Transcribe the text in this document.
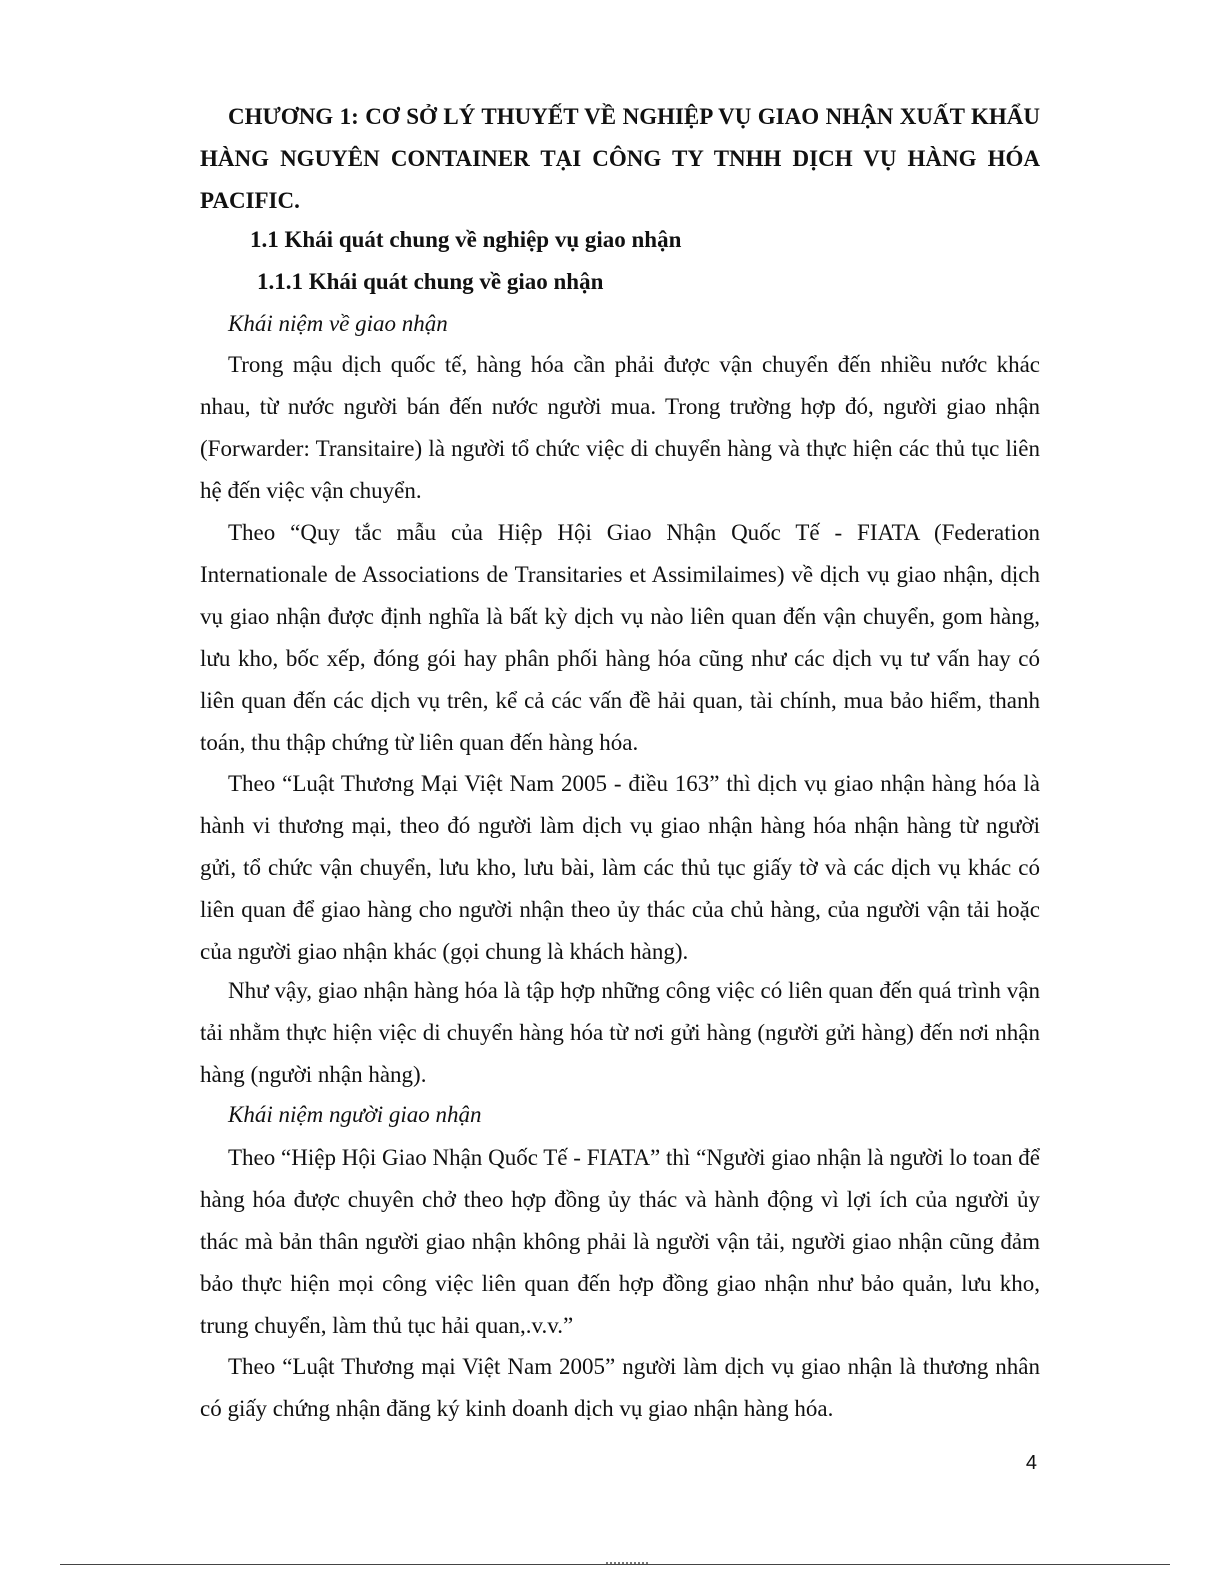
CHƯƠNG 1: CƠ SỞ LÝ THUYẾT VỀ NGHIỆP VỤ GIAO NHẬN XUẤT KHẨU HÀNG NGUYÊN CONTAINER TẠI CÔNG TY TNHH DỊCH VỤ HÀNG HÓA PACIFIC.

1.1 Khái quát chung về nghiệp vụ giao nhận

1.1.1 Khái quát chung về giao nhận

Khái niệm về giao nhận

Trong mậu dịch quốc tế, hàng hóa cần phải được vận chuyển đến nhiều nước khác nhau, từ nước người bán đến nước người mua. Trong trường hợp đó, người giao nhận (Forwarder: Transitaire) là người tổ chức việc di chuyển hàng và thực hiện các thủ tục liên hệ đến việc vận chuyển.

Theo “Quy tắc mẫu của Hiệp Hội Giao Nhận Quốc Tế - FIATA (Federation Internationale de Associations de Transitaries et Assimilaimes) về dịch vụ giao nhận, dịch vụ giao nhận được định nghĩa là bất kỳ dịch vụ nào liên quan đến vận chuyển, gom hàng, lưu kho, bốc xếp, đóng gói hay phân phối hàng hóa cũng như các dịch vụ tư vấn hay có liên quan đến các dịch vụ trên, kể cả các vấn đề hải quan, tài chính, mua bảo hiểm, thanh toán, thu thập chứng từ liên quan đến hàng hóa.

Theo “Luật Thương Mại Việt Nam 2005 - điều 163” thì dịch vụ giao nhận hàng hóa là hành vi thương mại, theo đó người làm dịch vụ giao nhận hàng hóa nhận hàng từ người gửi, tổ chức vận chuyển, lưu kho, lưu bài, làm các thủ tục giấy tờ và các dịch vụ khác có liên quan để giao hàng cho người nhận theo ủy thác của chủ hàng, của người vận tải hoặc của người giao nhận khác (gọi chung là khách hàng).

Như vậy, giao nhận hàng hóa là tập hợp những công việc có liên quan đến quá trình vận tải nhằm thực hiện việc di chuyển hàng hóa từ nơi gửi hàng (người gửi hàng) đến nơi nhận hàng (người nhận hàng).

Khái niệm người giao nhận

Theo “Hiệp Hội Giao Nhận Quốc Tế - FIATA” thì “Người giao nhận là người lo toan để hàng hóa được chuyên chở theo hợp đồng ủy thác và hành động vì lợi ích của người ủy thác mà bản thân người giao nhận không phải là người vận tải, người giao nhận cũng đảm bảo thực hiện mọi công việc liên quan đến hợp đồng giao nhận như bảo quản, lưu kho, trung chuyển, làm thủ tục hải quan,.v.v.”

Theo “Luật Thương mại Việt Nam 2005” người làm dịch vụ giao nhận là thương nhân có giấy chứng nhận đăng ký kinh doanh dịch vụ giao nhận hàng hóa.

4
